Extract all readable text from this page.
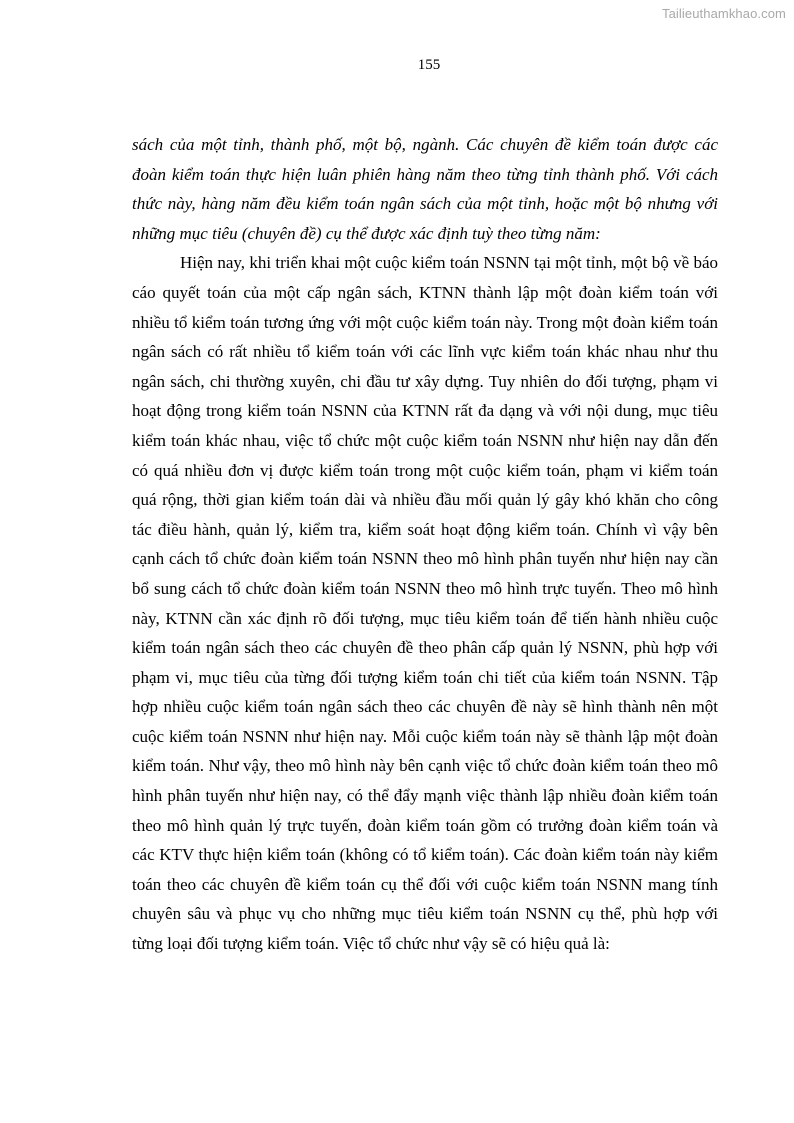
Tailieuthamkhao.com
155

sách của một tỉnh, thành phố, một bộ, ngành. Các chuyên đề kiểm toán được các đoàn kiểm toán thực hiện luân phiên hàng năm theo từng tỉnh thành phố. Với cách thức này, hàng năm đều kiểm toán ngân sách của một tỉnh, hoặc một bộ nhưng với những mục tiêu (chuyên đề) cụ thể được xác định tuỳ theo từng năm:

Hiện nay, khi triển khai một cuộc kiểm toán NSNN tại một tỉnh, một bộ về báo cáo quyết toán của một cấp ngân sách, KTNN thành lập một đoàn kiểm toán với nhiều tổ kiểm toán tương ứng với một cuộc kiểm toán này. Trong một đoàn kiểm toán ngân sách có rất nhiều tổ kiểm toán với các lĩnh vực kiểm toán khác nhau như thu ngân sách, chi thường xuyên, chi đầu tư xây dựng. Tuy nhiên do đối tượng, phạm vi hoạt động trong kiểm toán NSNN của KTNN rất đa dạng và với nội dung, mục tiêu kiểm toán khác nhau, việc tổ chức một cuộc kiểm toán NSNN như hiện nay dẫn đến có quá nhiều đơn vị được kiểm toán trong một cuộc kiểm toán, phạm vi kiểm toán quá rộng, thời gian kiểm toán dài và nhiều đầu mối quản lý gây khó khăn cho công tác điều hành, quản lý, kiểm tra, kiểm soát hoạt động kiểm toán. Chính vì vậy bên cạnh cách tổ chức đoàn kiểm toán NSNN theo mô hình phân tuyến như hiện nay cần bổ sung cách tổ chức đoàn kiểm toán NSNN theo mô hình trực tuyến. Theo mô hình này, KTNN cần xác định rõ đối tượng, mục tiêu kiểm toán để tiến hành nhiều cuộc kiểm toán ngân sách theo các chuyên đề theo phân cấp quản lý NSNN, phù hợp với phạm vi, mục tiêu của từng đối tượng kiểm toán chi tiết của kiểm toán NSNN. Tập hợp nhiều cuộc kiểm toán ngân sách theo các chuyên đề này sẽ hình thành nên một cuộc kiểm toán NSNN như hiện nay. Mỗi cuộc kiểm toán này sẽ thành lập một đoàn kiểm toán. Như vậy, theo mô hình này bên cạnh việc tổ chức đoàn kiểm toán theo mô hình phân tuyến như hiện nay, có thể đẩy mạnh việc thành lập nhiều đoàn kiểm toán theo mô hình quản lý trực tuyến, đoàn kiểm toán gồm có trưởng đoàn kiểm toán và các KTV thực hiện kiểm toán (không có tổ kiểm toán). Các đoàn kiểm toán này kiểm toán theo các chuyên đề kiểm toán cụ thể đối với cuộc kiểm toán NSNN mang tính chuyên sâu và phục vụ cho những mục tiêu kiểm toán NSNN cụ thể, phù hợp với từng loại đối tượng kiểm toán. Việc tổ chức như vậy sẽ có hiệu quả là:
